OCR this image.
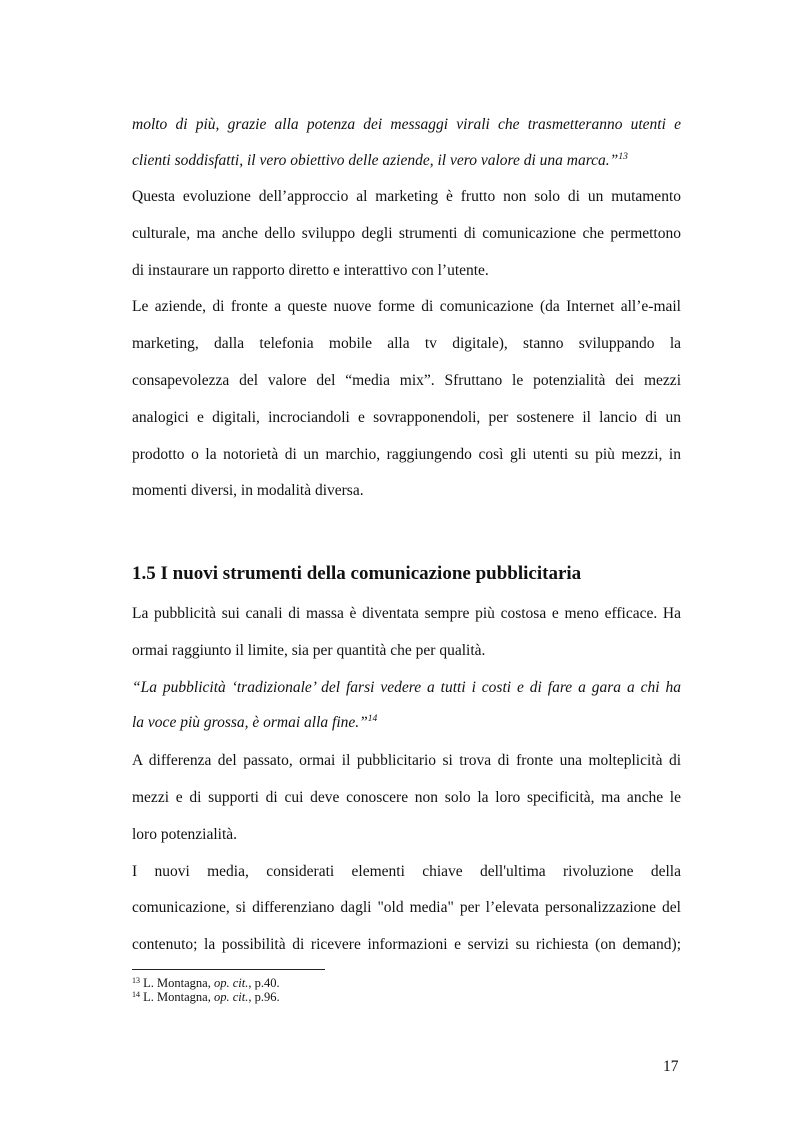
molto di più, grazie alla potenza dei messaggi virali che trasmetteranno utenti e
clienti soddisfatti, il vero obiettivo delle aziende, il vero valore di una marca.”$^{13}$
Questa evoluzione dell’approccio al marketing è frutto non solo di un mutamento
culturale, ma anche dello sviluppo degli strumenti di comunicazione che permettono
di instaurare un rapporto diretto e interattivo con l’utente.
Le aziende, di fronte a queste nuove forme di comunicazione (da Internet all’e-mail
marketing, dalla telefonia mobile alla tv digitale), stanno sviluppando la
consapevolezza del valore del “media mix”. Sfruttano le potenzialità dei mezzi
analogici e digitali, incrociandoli e sovrapponendoli, per sostenere il lancio di un
prodotto o la notorietà di un marchio, raggiungendo così gli utenti su più mezzi, in
momenti diversi, in modalità diversa.
1.5 I nuovi strumenti della comunicazione pubblicitaria
La pubblicità sui canali di massa è diventata sempre più costosa e meno efficace. Ha
ormai raggiunto il limite, sia per quantità che per qualità.
“La pubblicità ‘tradizionale’ del farsi vedere a tutti i costi e di fare a gara a chi ha
la voce più grossa, è ormai alla fine.”$^{14}$
A differenza del passato, ormai il pubblicitario si trova di fronte una molteplicità di
mezzi e di supporti di cui deve conoscere non solo la loro specificità, ma anche le
loro potenzialità.
I nuovi media, considerati elementi chiave dell'ultima rivoluzione della
comunicazione, si differenziano dagli "old media" per l’elevata personalizzazione del
contenuto; la possibilità di ricevere informazioni e servizi su richiesta (on demand);
$^{13}$ L. Montagna, op. cit., p.40.
$^{14}$ L. Montagna, op. cit., p.96.
17
